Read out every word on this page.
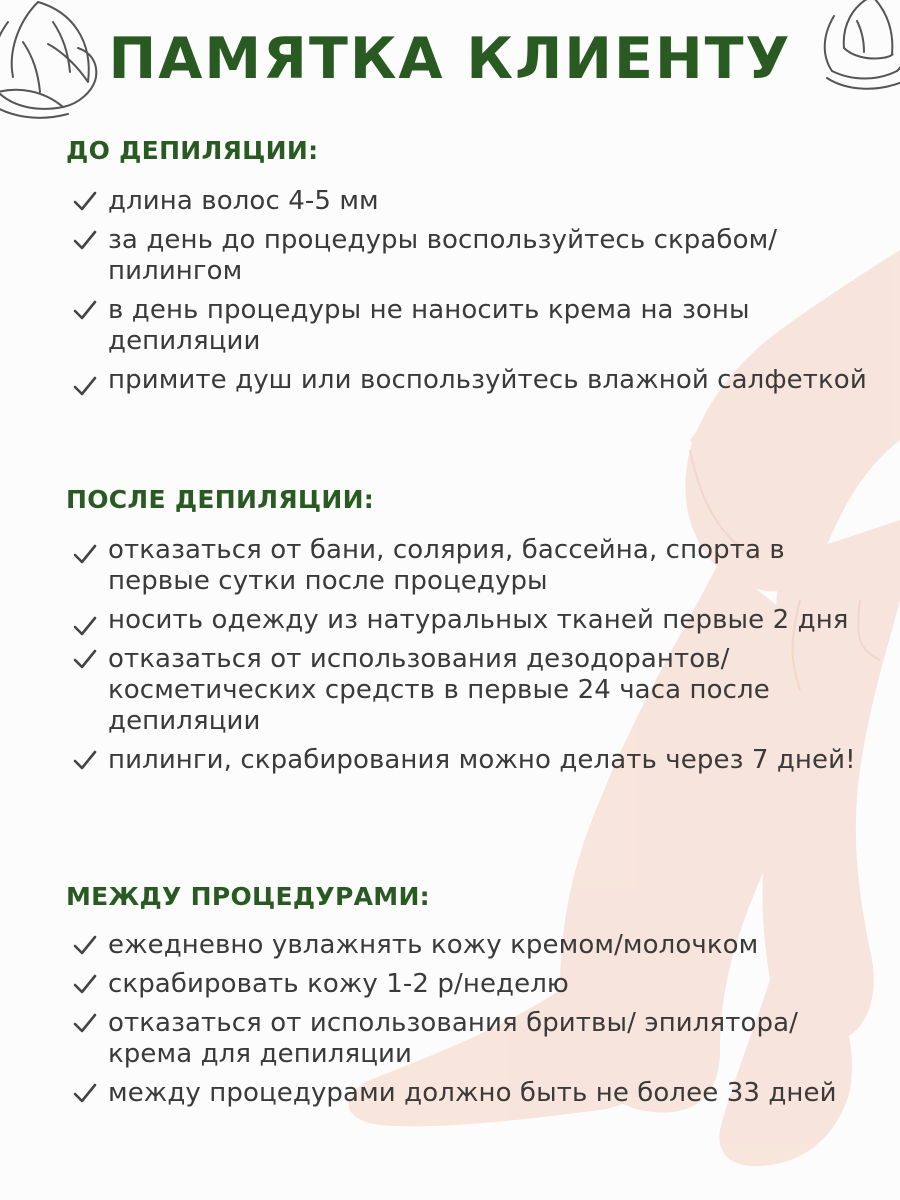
ПАМЯТКА КЛИЕНТУ
ДО ДЕПИЛЯЦИИ:
длина волос 4-5 мм
за день до процедуры воспользуйтесь скрабом/ пилингом
в день процедуры не наносить крема на зоны депиляции
примите душ или воспользуйтесь влажной салфеткой
ПОСЛЕ ДЕПИЛЯЦИИ:
отказаться от бани, солярия, бассейна, спорта в первые сутки после процедуры
носить одежду из натуральных тканей первые 2 дня
отказаться от использования дезодорантов/косметических средств в первые 24 часа после депиляции
пилинги, скрабирования можно делать через 7 дней!
МЕЖДУ ПРОЦЕДУРАМИ:
ежедневно увлажнять кожу кремом/молочком
скрабировать кожу 1-2 р/неделю
отказаться от использования бритвы/ эпилятора/ крема для депиляции
между процедурами должно быть не более 33 дней
